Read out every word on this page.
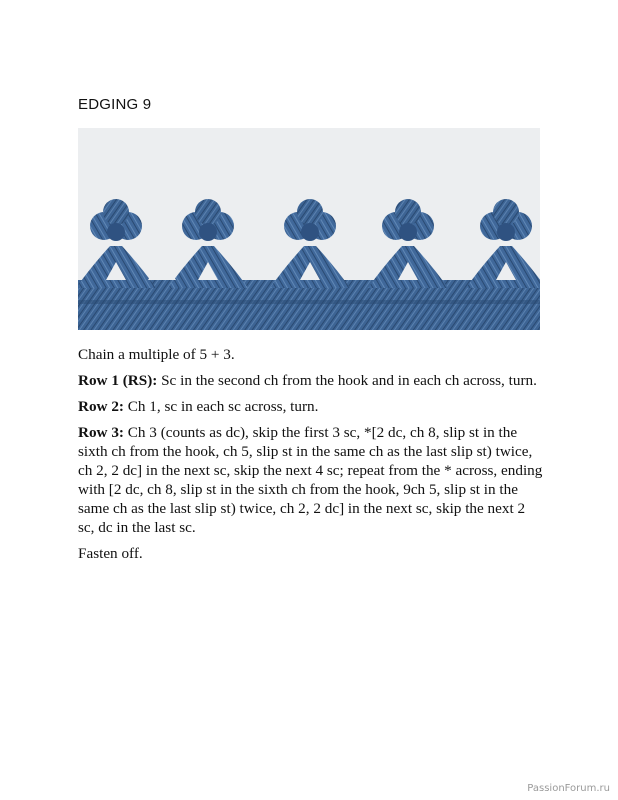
EDGING 9

Chain a multiple of 5 + 3.

Row 1 (RS): Sc in the second ch from the hook and in each ch across, turn.

Row 2: Ch 1, sc in each sc across, turn.

Row 3: Ch 3 (counts as dc), skip the first 3 sc, *[2 dc, ch 8, slip st in the sixth ch from the hook, ch 5, slip st in the same ch as the last slip st) twice, ch 2, 2 dc] in the next sc, skip the next 4 sc; repeat from the * across, ending with [2 dc, ch 8, slip st in the sixth ch from the hook, 9ch 5, slip st in the same ch as the last slip st) twice, ch 2, 2 dc] in the next sc, skip the next 2 sc, dc in the last sc.

Fasten off.

PassionForum.ru
